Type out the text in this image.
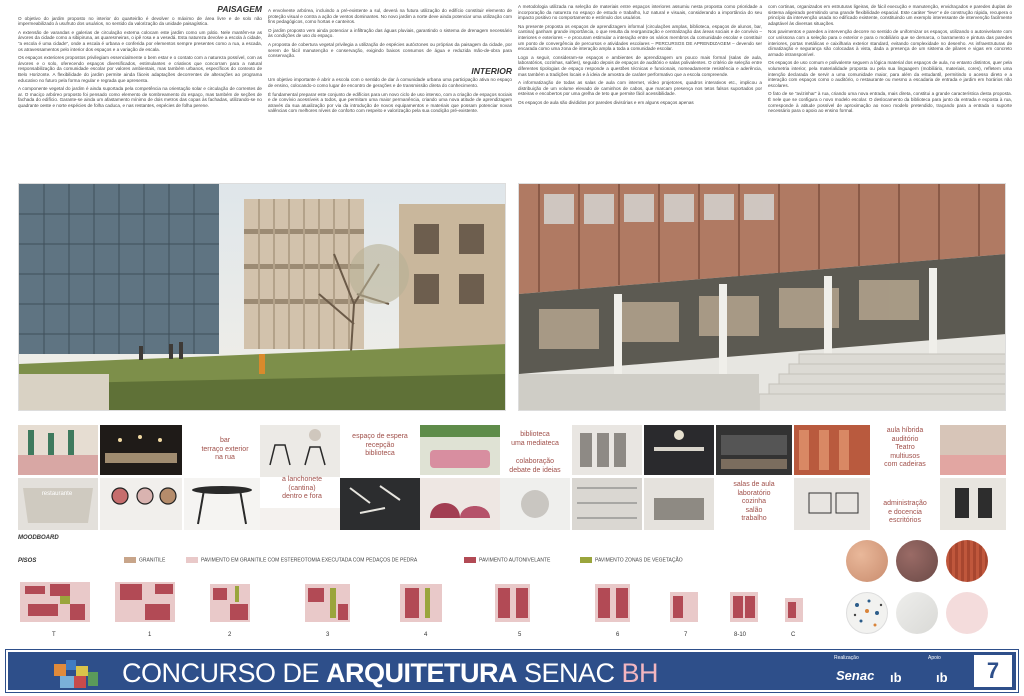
PAISAGEM

O objetivo do jardim proposto no interior do quarteirão é devolver o máximo de área livre e de solo não impermeabilizado à usufruto dos usuários, no sentido da valorização da unidade paisagística.

A extensão de varandas e galerias de circulação externa colocam este jardim como um pátio. Nele mantêm-se as árvores da cidade como a sibipiruna, as quaresmeiras, o ipê rosa e a vesedá. Esta natureza devolve a escola à cidade, “a escola é uma cidade”, onde a escala é urbana e conferida por elementos sempre presentes como a rua, a escada, os atravessamentos pelo interior dos espaços e a variação de escala.

Os espaços exteriores propostos privilegiam essencialmente o bem estar e o contato com a natureza possível, com as árvores e o solo, oferecendo espaços diversificados, estimulantes e criativos que concorram para a natural responsabilização da comunidade escolar por valores ambientais, mas também urbanos, específicos do contexto de Belo Horizonte. A flexibilidade do jardim permite ainda fáceis adaptações decorrentes de alterações ao programa educativo no futuro pela forma regular e regrada que apresenta.

A componente vegetal do jardim é ainda suportada pela competência na orientação solar e circulação de correntes de ar. O maciço arbóreo proposto foi pensado como elemento de sombreamento do espaço, mas também de seções de fachada do edifício. Garante-se ainda um afastamento mínimo de dois metros das copas às fachadas, utilizando-se no quadrante oeste e norte espécies de folha caduca, e nas restantes, espécies de folha perene.

A envolvente arbórea, incluindo a pré-existente a sul, deverá na futura utilização do edifício constituir elemento de proteção visual e contra a ação de ventos dominantes. No novo jardim a norte deve ainda potenciar uma utilização com fins pedagógicos, como hortas e canteiros.

O jardim proposto vem ainda potenciar a infiltração das águas pluviais, garantindo o sistema de drenagem necessário às condições de uso do espaço.

A proposta de cobertura vegetal privilegia a utilização de espécies autóctones ou próprias da paisagem da cidade, por serem de fácil manutenção e conservação, exigindo baixos consumos de água e reduzida mão-de-obra para conservação.

INTERIOR

Um objetivo importante é abrir a escola com o sentido de dar à comunidade urbana uma participação ativa no espaço de ensino, colocando-o como lugar de encontro de gerações e de transmissão direta do conhecimento.

É fundamental preparar este conjunto de edifícios para um novo ciclo de uso intenso, com a criação de espaços sociais e de convívio acessíveis a todos, que permitam uma maior permanência, criando uma nova atitude de aprendizagem através da sua atualização por via da introdução de novos equipamentos e materiais que possam potenciar novas valências com melhores níveis de conforto com respeito e valorização pela sua condição pré-existente.

A metodologia utilizada na seleção de materiais entre espaços interiores assumiu nesta proposta como prioridade a incorporação da natureza no espaço de estudo e trabalho, luz natural e visuais, considerando a importância do seu impacto positivo no comportamento e estímulo dos usuários.

Na presente proposta os espaços de aprendizagem informal (circulações amplas, biblioteca, espaços de alunos, bar, cantina) ganham grande importância, o que resulta da reorganização e centralização das áreas sociais e de convívio – interiores e exteriores – e procuram estimular a interação entre os vários membros da comunidade escolar e constituir um ponto de convergência de percursos e atividades escolares – PERCURSOS DE APRENDIZAGEM – devendo ser encarada como uma zona de interação ampla a toda a comunidade escolar.

Logo a seguir, consideram-se espaços e ambientes de aprendizagem um pouco mais formal (salas de aula, laboratórios, cozinhas, salões), seguido depois de espaços de auditório e salas polivalentes. O critério de seleção entre diferentes tipologias de espaço responde a questões técnicas e funcionais, nomeadamente resistência e aderência, mas também a tradições locais e à ideia de amostra de caráter performativo que a escola compreende.

A informatização de todas as salas de aula com internet, vídeo projetores, quadros interativos etc., implicou a distribuição de um volume elevado de caminhos de cabos, que marcam presença nos tetos falsos suportados por esteiras e encobertos por uma grelha de teto que permite fácil acessibilidade.

Os espaços de aula são divididos por paredes divisórias e em alguns espaços apenas

com cortinas, organizados em estruturas ligeiras, de fácil execução e manutenção, envidraçados e paredes duplas de sistema aligeirado permitindo uma grande flexibilidade espacial. Este caráter “leve” e de construção rápida, recupera o princípio da intervenção usada no edificado existente, constituindo um exemplo interessante de intervenção facilmente adaptável às diversas situações.

Nos pavimentos e paredes a intervenção decorre no sentido de uniformizar os espaços, utilizando o autonivelante com cor uníssona com a seleção para o exterior e para o mobiliário que se demarca, o barramento e pintura das paredes interiores, portas metálicas e caixilharia exterior standard, evitando complexidade no desenho. As infraestruturas de climatização e segurança são colocadas à vista, dada a presença de um sistema de pilares e vigas em concreto armado intransponível.

Os espaços de uso comum e polivalente seguem a lógica material dos espaços de aula, no entanto distintos, quer pela volumetria interior, pela materialidade proposta ou pela sua linguagem (mobiliário, materiais, cores), refletem uma intenção declarada de servir a uma comunidade maior, para além da estudantil, permitindo o acesso direto e a interação com espaços como o auditório, o restaurante ou mesmo a escadaria de entrada e jardim em horários não escolares.

O fato de se “avizinhar” à rua, criando uma nova entrada, mais direta, constitui a grande característica desta proposta. É nele que se configura o novo modelo escolar. O deslocamento da biblioteca para junto da entrada e exposta à rua, corresponde à atitude possível de aproximação ao novo modelo pretendido, traçando para a entrada o suporte necessário para o apoio ao ensino formal.

bar
terraço exterior
na rua
espaço de espera
recepção
biblioteca
biblioteca
uma mediateca
colaboração
debate de ideias
aula híbrida
auditório
Teatro
multiusos
com cadeiras
restaurante
a lanchonete
(cantina)
dentro e fora
salas de aula
laboratório
cozinha
salão
trabalho
administração
e docencia
escritórios
MOODBOARD
PISOS	GRANITILE	PAVIMENTO EM GRANITILE COM ESTEREOTOMIA EXECUTADA COM PEDAÇOS DE PEDRA	PAVIMENTO AUTONIVELANTE	PAVIMENTO ZONAS DE VEGETAÇÃO
T	1	2	3	4	5	6	7	8-10	C
CONCURSO DE ARQUITETURA SENAC BH	Realização
Senac ıb
Apoio
ıb	7
